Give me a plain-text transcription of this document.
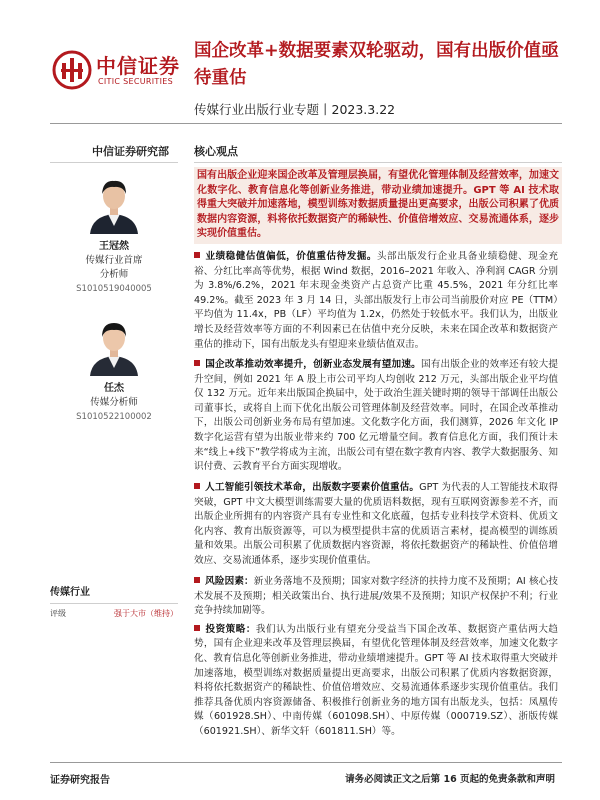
中信证券
CITIC SECURITIES
国企改革+数据要素双轮驱动，国有出版价值亟待重估
传媒行业出版行业专题丨2023.3.22
中信证券研究部 核心观点
王冠然
传媒行业首席
分析师
S1010519040005
任杰
传媒分析师
S1010522100002
传媒行业
评级	强于大市（维持）
国有出版企业迎来国企改革及管理层换届，有望优化管理体制及经营效率，加速文化数字化、教育信息化等创新业务推进，带动业绩加速提升。GPT 等 AI 技术取得重大突破并加速落地，模型训练对数据质量提出更高要求，出版公司积累了优质数据内容资源，料将依托数据资产的稀缺性、价值倍增效应、交易流通体系，逐步实现价值重估。
业绩稳健估值偏低，价值重估待发掘。头部出版发行企业具备业绩稳健、现金充裕、分红比率高等优势，根据 Wind 数据，2016–2021 年收入、净利润 CAGR 分别为 3.8%/6.2%，2021 年末现金类资产占总资产比重 45.5%，2021 年分红比率 49.2%。截至 2023 年 3 月 14 日，头部出版发行上市公司当前股价对应 PE（TTM）平均值为 11.4x，PB（LF）平均值为 1.2x，仍然处于较低水平。我们认为，出版业增长及经营效率等方面的不利因素已在估值中充分反映，未来在国企改革和数据资产重估的推动下，国有出版龙头有望迎来业绩估值双击。
国企改革推动效率提升，创新业态发展有望加速。国有出版企业的效率还有较大提升空间，例如 2021 年 A 股上市公司平均人均创收 212 万元，头部出版企业平均值仅 132 万元。近年来出版国企换届中，处于政治生涯关键时期的领导干部调任出版公司董事长，或将自上而下优化出版公司管理体制及经营效率。同时，在国企改革推动下，出版公司创新业务布局有望加速。文化数字化方面，我们测算，2026 年文化 IP 数字化运营有望为出版业带来约 700 亿元增量空间。教育信息化方面，我们预计未来“线上+线下”教学将成为主流，出版公司有望在数字教育内容、教学大数据服务、知识付费、云教育平台方面实现增收。
人工智能引领技术革命，出版数字要素价值重估。GPT 为代表的人工智能技术取得突破，GPT 中文大模型训练需要大量的优质语料数据，现有互联网资源参差不齐，而出版企业所拥有的内容资产具有专业性和文化底蕴，包括专业科技学术资料、优质文化内容、教育出版资源等，可以为模型提供丰富的优质语言素材，提高模型的训练质量和效果。出版公司积累了优质数据内容资源，将依托数据资产的稀缺性、价值倍增效应、交易流通体系，逐步实现价值重估。
证券研究报告	请务必阅读正文之后第 16 页起的免责条款和声明
风险因素：新业务落地不及预期；国家对数字经济的扶持力度不及预期；AI 核心技术发展不及预期；相关政策出台、执行进展/效果不及预期；知识产权保护不利；行业竞争持续加剧等。
投资策略：我们认为出版行业有望充分受益当下国企改革、数据资产重估两大趋势，国有企业迎来改革及管理层换届，有望优化管理体制及经营效率，加速文化数字化、教育信息化等创新业务推进，带动业绩增速提升。GPT 等 AI 技术取得重大突破并加速落地，模型训练对数据质量提出更高要求，出版公司积累了优质内容数据资源，料将依托数据资产的稀缺性、价值倍增效应、交易流通体系逐步实现价值重估。我们推荐具备优质内容资源储备、积极推行创新业务的地方国有出版龙头，包括：凤凰传媒（601928.SH）、中南传媒（601098.SH）、中原传媒（000719.SZ）、浙版传媒（601921.SH）、新华文轩（601811.SH）等。
